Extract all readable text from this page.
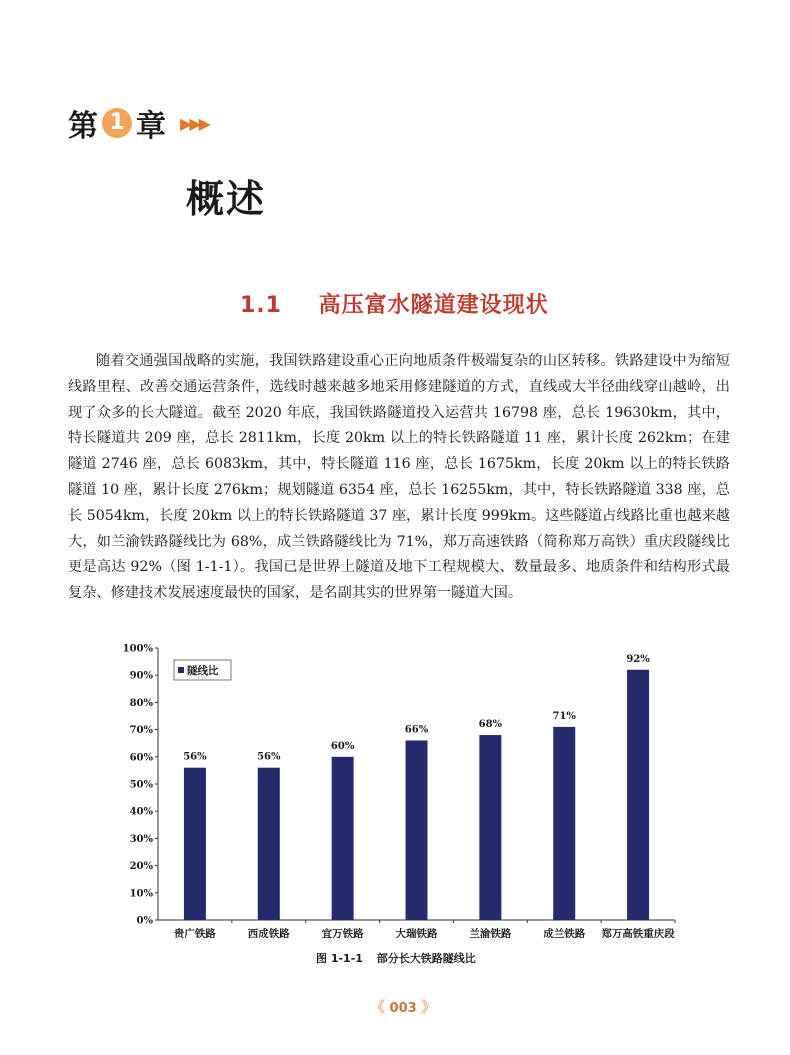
第 1 章 ▶▶▶
概述
1.1 高压富水隧道建设现状

随着交通强国战略的实施，我国铁路建设重心正向地质条件极端复杂的山区转移。铁路建设中为缩短线路里程、改善交通运营条件，选线时越来越多地采用修建隧道的方式，直线或大半径曲线穿山越岭，出现了众多的长大隧道。截至 2020 年底，我国铁路隧道投入运营共 16798 座，总长 19630km，其中，特长隧道共 209 座，总长 2811km，长度 20km 以上的特长铁路隧道 11 座，累计长度 262km；在建隧道 2746 座，总长 6083km，其中，特长隧道 116 座，总长 1675km，长度 20km 以上的特长铁路隧道 10 座，累计长度 276km；规划隧道 6354 座，总长 16255km，其中，特长铁路隧道 338 座，总长 5054km，长度 20km 以上的特长铁路隧道 37 座，累计长度 999km。这些隧道占线路比重也越来越大，如兰渝铁路隧线比为 68%，成兰铁路隧线比为 71%，郑万高速铁路（简称郑万高铁）重庆段隧线比更是高达 92%（图 1-1-1）。我国已是世界上隧道及地下工程规模大、数量最多、地质条件和结构形式最复杂、修建技术发展速度最快的国家，是名副其实的世界第一隧道大国。

0%
10%
20%
30%
40%
50%
60%
70%
80%
90%
100%
56%
贵广铁路
56%
西成铁路
60%
宜万铁路
66%
大瑞铁路
68%
兰渝铁路
71%
成兰铁路
92%
郑万高铁重庆段
隧线比
图 1-1-1 部分长大铁路隧线比
《 003 》
